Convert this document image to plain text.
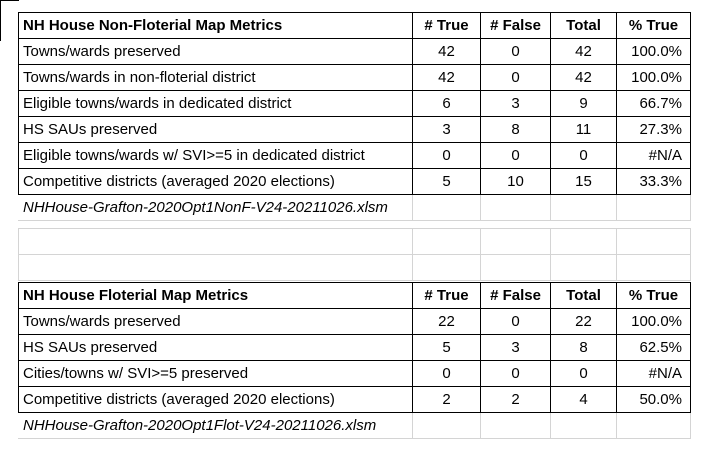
NH House Non-Floterial Map Metrics	# True	# False	Total	% True
Towns/wards preserved	42	0	42	100.0%
Towns/wards in non-floterial district	42	0	42	100.0%
Eligible towns/wards in dedicated district	6	3	9	66.7%
HS SAUs preserved	3	8	11	27.3%
Eligible towns/wards w/ SVI>=5 in dedicated district	0	0	0	#N/A
Competitive districts (averaged 2020 elections)	5	10	15	33.3%
NHHouse-Grafton-2020Opt1NonF-V24-20211026.xlsm				

NH House Floterial Map Metrics	# True	# False	Total	% True
Towns/wards preserved	22	0	22	100.0%
HS SAUs preserved	5	3	8	62.5%
Cities/towns w/ SVI>=5 preserved	0	0	0	#N/A
Competitive districts (averaged 2020 elections)	2	2	4	50.0%
NHHouse-Grafton-2020Opt1Flot-V24-20211026.xlsm				
